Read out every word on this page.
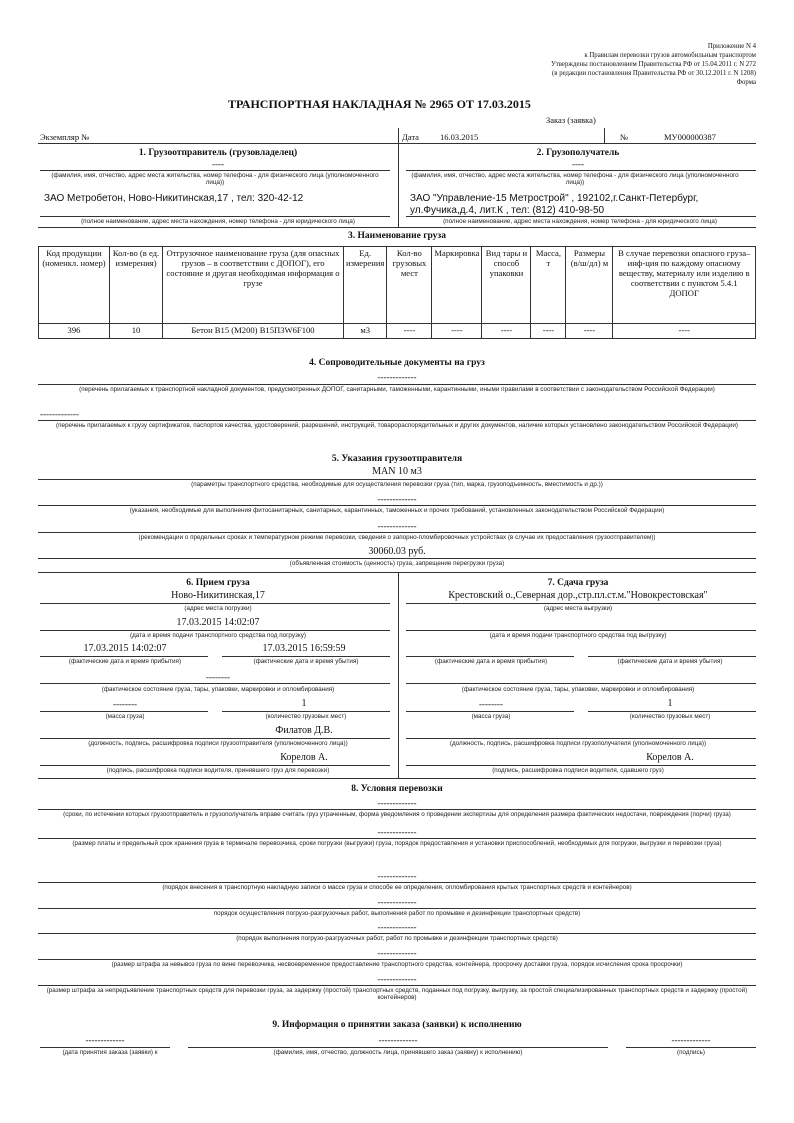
Приложение N 4
к Правилам перевозки грузов автомобильным транспортом
Утверждены постановлением Правительства РФ от 15.04.2011 г. N 272
(в редакции постановления Правительства РФ от 30.12.2011 г. N 1208)
Форма
ТРАНСПОРТНАЯ НАКЛАДНАЯ № 2965 ОТ 17.03.2015
Заказ (заявка)
Экземпляр №	Дата 16.03.2015	№	МУ000000387
1. Грузоотправитель (грузовладелец)	2. Грузополучатель
----	----
(фамилия, имя, отчество, адрес места жительства, номер телефона - для физического лица (уполномоченного лица))
(фамилия, имя, отчество, адрес места жительства, номер телефона - для физического лица (уполномоченного лица))
ЗАО Метробетон, Ново-Никитинская,17 , тел: 320-42-12	ЗАО "Управление-15 Метрострой" , 192102,г.Санкт-Петербург,
ул.Фучика,д.4, лит.К , тел: (812) 410-98-50
(полное наименование, адрес места нахождения, номер телефона - для юридического лица)	(полное наименование, адрес места нахождения, номер телефона - для юридического лица)
3. Наименование груза
Код продукции (номенкл. номер)	Кол-во (в ед. измерения)	Отгрузочное наименование груза (для опасных грузов – в соответствии с ДОПОГ), его состояние и другая необходимая информация о грузе	Ед. измерения	Кол-во грузовых мест	Маркировка	Вид тары и способ упаковки	Масса, т	Размеры (в/ш/дл) м	В случае перевозки опасного груза– инф-ция по каждому опасному веществу, материалу или изделию в соответствии с пунктом 5.4.1 ДОПОГ
396	10	Бетон B15 (М200) В15П3W6F100	м3	----	----	----	----	----	----
4. Сопроводительные документы на груз
-------------
(перечень прилагаемых к транспортной накладной документов, предусмотренных ДОПОГ, санитарными, таможенными, карантинными, иными правилами в соответствии с законодательством Российской Федерации)
-------------
(перечень прилагаемых к грузу сертификатов, паспортов качества, удостоверений, разрешений, инструкций, товарораспорядительных и других документов, наличие которых установлено законодательством Российской Федерации)
5. Указания грузоотправителя
MAN 10 м3
(параметры транспортного средства, необходимые для осуществления перевозки груза (тип, марка, грузоподъемность, вместимость и др.))
-------------
(указания, необходимые для выполнения фитосанитарных, санитарных, карантинных, таможенных и прочих требований, установленных законодательством Российской Федерации)
-------------
(рекомендации о предельных сроках и температурном режиме перевозки, сведения о запорно-пломбировочных устройствах (в случае их предоставления грузоотправителем))
30060.03 руб.
(объявленная стоимость (ценность) груза, запрещение перегрузки груза)
6. Прием груза	7. Сдача груза
Ново-Никитинская,17	Крестовский о.,Северная дор.,стр.пл.ст.м."Новокрестовская"
(адрес места погрузки)	(адрес места выгрузки)
17.03.2015 14:02:07
(дата и время подачи транспортного средства под погрузку)	(дата и время подачи транспортного средства под выгрузку)
17.03.2015 14:02:07	17.03.2015 16:59:59
(фактические дата и время прибытия)	(фактические дата и время убытия)	(фактические дата и время прибытия)	(фактические дата и время убытия)
--------
(фактическое состояние груза, тары, упаковки, маркировки и опломбирования)	(фактическое состояние груза, тары, упаковки, маркировки и опломбирования)
--------	1	--------	1
(масса груза)	(количество грузовых мест)	(масса груза)	(количество грузовых мест)
Филатов Д.В.
(должность, подпись, расшифровка подписи грузоотправителя (уполномоченного лица))	(должность, подпись, расшифровка подписи грузополучателя (уполномоченного лица))
Корелов А.	Корелов А.
(подпись, расшифровка подписи водителя, принявшего груз для перевозки)	(подпись, расшифровка подписи водителя, сдавшего груз)
8. Условия перевозки
-------------
(сроки, по истечении которых грузоотправитель и грузополучатель вправе считать груз утраченным, форма уведомления о проведении экспертизы для определения размера фактических недостачи, повреждения (порчи) груза)
-------------
(размер платы и предельный срок хранения груза в терминале перевозчика, сроки погрузки (выгрузки) груза, порядок предоставления и установки приспособлений, необходимых для погрузки, выгрузки и перевозки груза)
-------------
(порядок внесения в транспортную накладную записи о массе груза и способе ее определения, опломбирования крытых транспортных средств и контейнеров)
-------------
порядок осуществления погрузо-разгрузочных работ, выполнения работ по промывке и дезинфекции транспортных средств)
-------------
(порядок выполнения погрузо-разгрузочных работ, работ по промывке и дезинфекции транспортных средств)
-------------
(размер штрафа за невывоз груза по вине перевозчика, несвоевременное предоставление транспортного средства, контейнера, просрочку доставки груза, порядок исчисления срока просрочки)
-------------
(размер штрафа за непредъявление транспортных средств для перевозки груза, за задержку (простой) транспортных средств, поданных под погрузку, выгрузку, за простой специализированных транспортных средств и задержку (простой) контейнеров)
9. Информация о принятии заказа (заявки) к исполнению
-------------	-------------	-------------
(дата принятия заказа (заявки) к	(фамилия, имя, отчество, должность лица, принявшего заказ (заявку) к исполнению)	(подпись)
